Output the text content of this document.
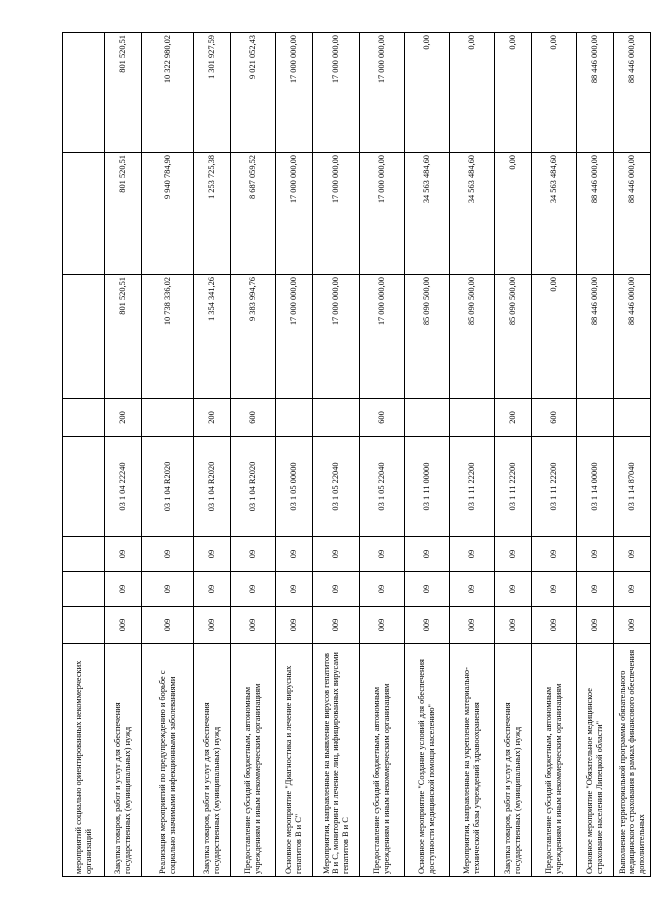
мероприятий социально ориентированных некоммерческих организаций								
Закупка товаров, работ и услуг для обеспечения государственных (муниципальных) нужд	009	09	09	03 1 04 22240	200	801 520,51	801 520,51	801 520,51
Реализация мероприятий по предупреждению и борьбе с социально значимыми инфекционными заболеваниями	009	09	09	03 1 04 R2020		10 738 336,02	9 940 784,90	10 322 980,02
Закупка товаров, работ и услуг для обеспечения государственных (муниципальных) нужд	009	09	09	03 1 04 R2020	200	1 354 341,26	1 253 725,38	1 301 927,59
Предоставление субсидий бюджетным, автономным учреждениям и иным некоммерческим организациям	009	09	09	03 1 04 R2020	600	9 383 994,76	8 687 059,52	9 021 052,43
Основное мероприятие "Диагностика и лечение вирусных гепатитов В и С"	009	09	09	03 1 05 00000		17 000 000,00	17 000 000,00	17 000 000,00
Мероприятия, направленные на выявление вирусов гепатитов В и С, мониторинг и лечение лиц, инфицированных вирусами гепатитов В и С	009	09	09	03 1 05 22040		17 000 000,00	17 000 000,00	17 000 000,00
Предоставление субсидий бюджетным, автономным учреждениям и иным некоммерческим организациям	009	09	09	03 1 05 22040	600	17 000 000,00	17 000 000,00	17 000 000,00
Основное мероприятие "Создание условий для обеспечения доступности медицинской помощи населению"	009	09	09	03 1 11 00000		85 090 500,00	34 563 484,60	0,00
Мероприятия, направленные на укрепление материально-технической базы учреждений здравоохранения	009	09	09	03 1 11 22200		85 090 500,00	34 563 484,60	0,00
Закупка товаров, работ и услуг для обеспечения государственных (муниципальных) нужд	009	09	09	03 1 11 22200	200	85 090 500,00	0,00	0,00
Предоставление субсидий бюджетным, автономным учреждениям и иным некоммерческим организациям	009	09	09	03 1 11 22200	600	0,00	34 563 484,60	0,00
Основное мероприятие "Обязательное медицинское страхование населения Липецкой области"	009	09	09	03 1 14 00000		88 446 000,00	88 446 000,00	88 446 000,00
Выполнение территориальной программы обязательного медицинского страхования в рамках финансового обеспечения дополнительных	009	09	09	03 1 14 87040		88 446 000,00	88 446 000,00	88 446 000,00
